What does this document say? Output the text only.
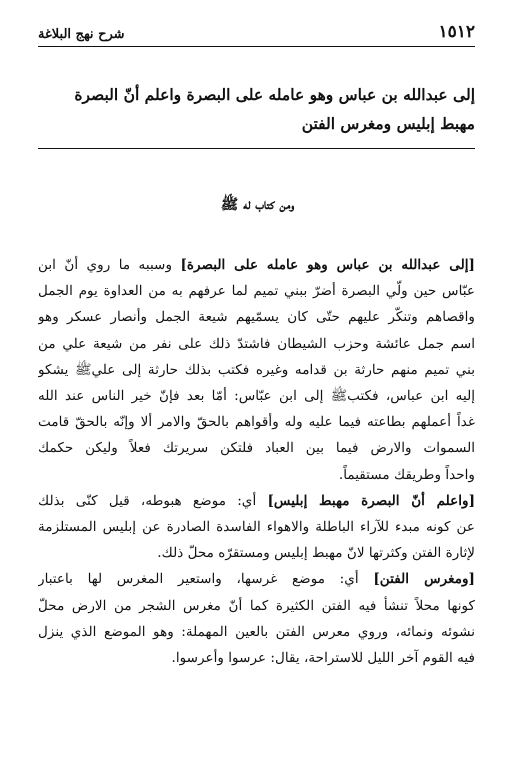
١٥١٢
شرح نهج البلاغة
إلى عبدالله بن عباس وهو عامله على البصرة واعلم أنّ البصرة
مهبط إبليس ومغرس الفتن
ومن كتاب له ﷺ
[إلى عبدالله بن عباس وهو عامله على البصرة] وسببه ما روي أنّ ابن
عبّاس حين ولّي البصرة أضرّ ببني تميم لما عرفهم به من العداوة يوم الجمل
واقصاهم وتنكّر عليهم حتّى كان يسمّيهم شيعة الجمل وأنصار عسكر وهو
اسم جمل عائشة وحزب الشيطان فاشتدّ ذلك على نفر من شيعة علي من
بني تميم منهم حارثة بن قدامه وغيره فكتب بذلك حارثة إلى عليﷺ يشكو
إليه ابن عباس، فكتبﷺ إلى ابن عبّاس: أمّا بعد فإنّ خير الناس عند الله
غداً أعملهم بطاعته فيما عليه وله وأقواهم بالحقّ والامر ألا وإنّه بالحقّ قامت
السموات والارض فيما بين العباد فلتكن سريرتك فعلاً وليكن حكمك
واحداً وطريقك مستقيماً.
[واعلم أنّ البصرة مهبط إبليس] أي: موضع هبوطه، قيل كنّى بذلك
عن كونه مبدء للآراء الباطلة والاهواء الفاسدة الصادرة عن إبليس المستلزمة
لإثارة الفتن وكثرتها لانّ مهبط إبليس ومستقرّه محلّ ذلك.
[ومغرس الفتن] أي: موضع غرسها، واستعير المغرس لها باعتبار
كونها محلاً تنشأ فيه الفتن الكثيرة كما أنّ مغرس الشجر من الارض محلّ
نشوئه ونمائه، وروي معرس الفتن بالعين المهملة: وهو الموضع الذي ينزل
فيه القوم آخر الليل للاستراحة، يقال: عرسوا وأعرسوا.
